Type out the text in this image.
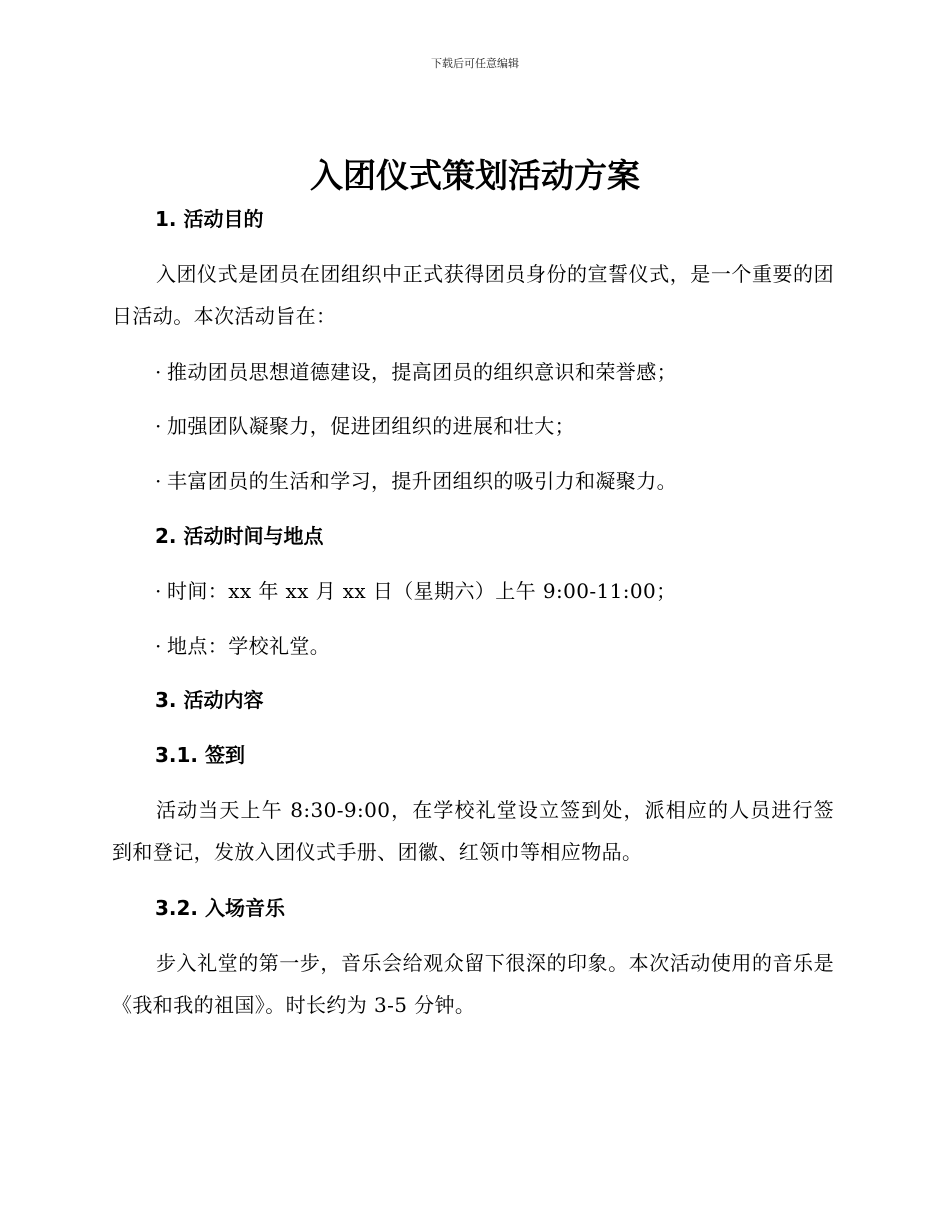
下载后可任意编辑
入团仪式策划活动方案
1. 活动目的

入团仪式是团员在团组织中正式获得团员身份的宣誓仪式，是一个重要的团日活动。本次活动旨在：

· 推动团员思想道德建设，提高团员的组织意识和荣誉感；

· 加强团队凝聚力，促进团组织的进展和壮大；

· 丰富团员的生活和学习，提升团组织的吸引力和凝聚力。

2. 活动时间与地点

· 时间：xx 年 xx 月 xx 日（星期六）上午 9:00-11:00；

· 地点：学校礼堂。

3. 活动内容
3.1. 签到

活动当天上午 8:30-9:00，在学校礼堂设立签到处，派相应的人员进行签到和登记，发放入团仪式手册、团徽、红领巾等相应物品。

3.2. 入场音乐

步入礼堂的第一步，音乐会给观众留下很深的印象。本次活动使用的音乐是《我和我的祖国》。时长约为 3-5 分钟。
